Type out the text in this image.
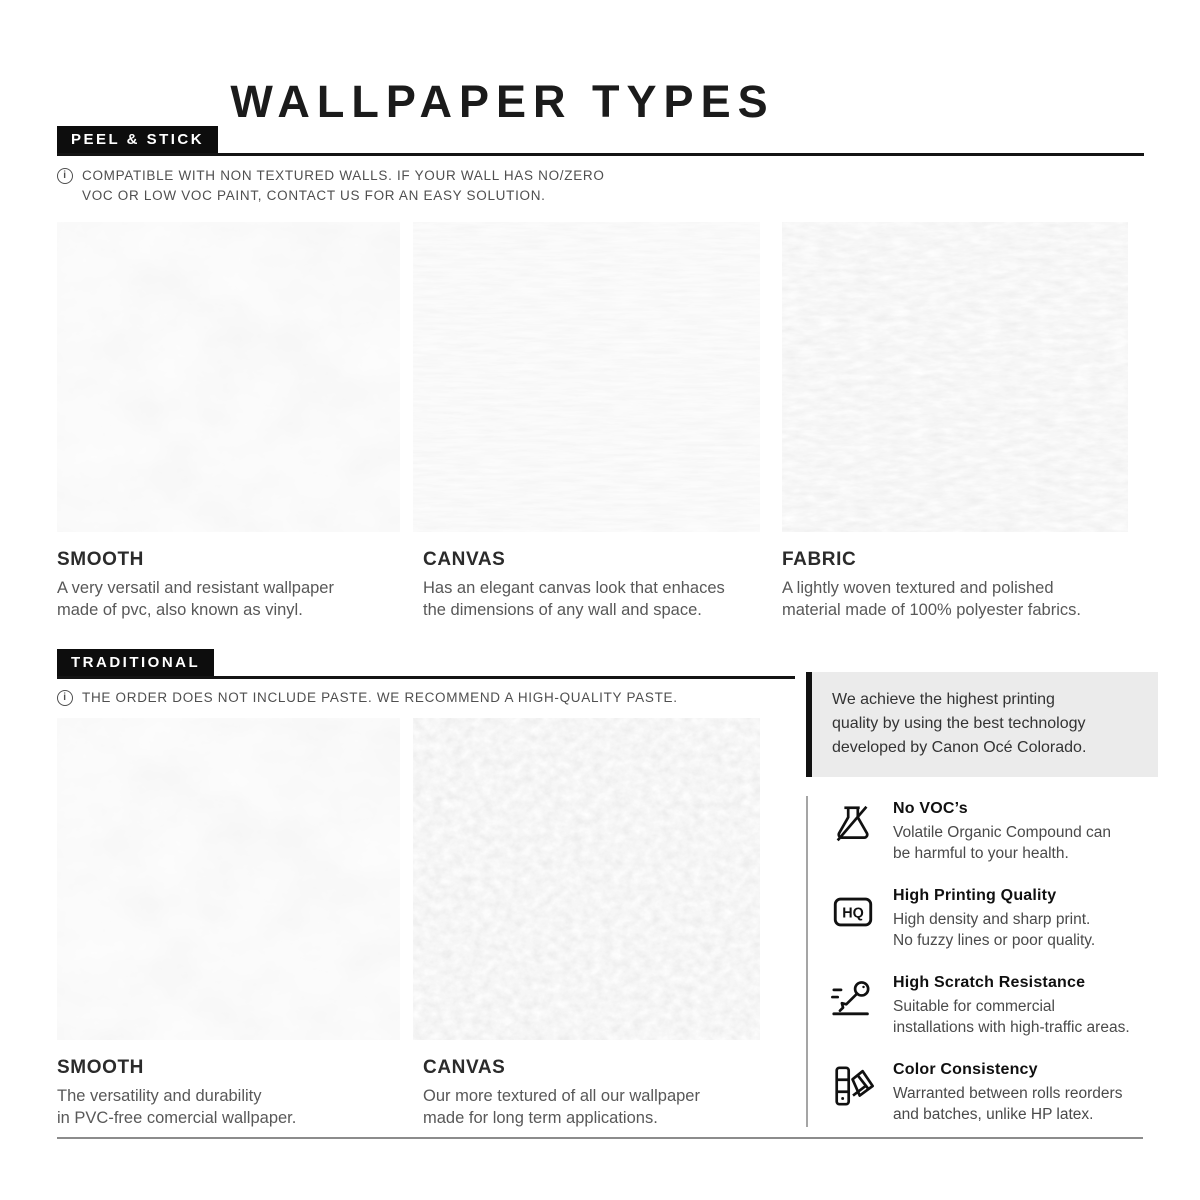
WALLPAPER TYPES
PEEL & STICK
i	COMPATIBLE WITH NON TEXTURED WALLS. IF YOUR WALL HAS NO/ZERO
VOC OR LOW VOC PAINT, CONTACT US FOR AN EASY SOLUTION.
SMOOTH
A very versatil and resistant wallpaper
made of pvc, also known as vinyl.
CANVAS
Has an elegant canvas look that enhaces
the dimensions of any wall and space.
FABRIC
A lightly woven textured and polished
material made of 100% polyester fabrics.
TRADITIONAL
i	THE ORDER DOES NOT INCLUDE PASTE. WE RECOMMEND A HIGH-QUALITY PASTE.
SMOOTH
The versatility and durability
in PVC-free comercial wallpaper.
CANVAS
Our more textured of all our wallpaper
made for long term applications.
We achieve the highest printing
quality by using the best technology
developed by Canon Océ Colorado.
No VOC’s
Volatile Organic Compound can
be harmful to your health.
HQ
High Printing Quality
High density and sharp print.
No fuzzy lines or poor quality.
High Scratch Resistance
Suitable for commercial
installations with high-traffic areas.
Color Consistency
Warranted between rolls reorders
and batches, unlike HP latex.
